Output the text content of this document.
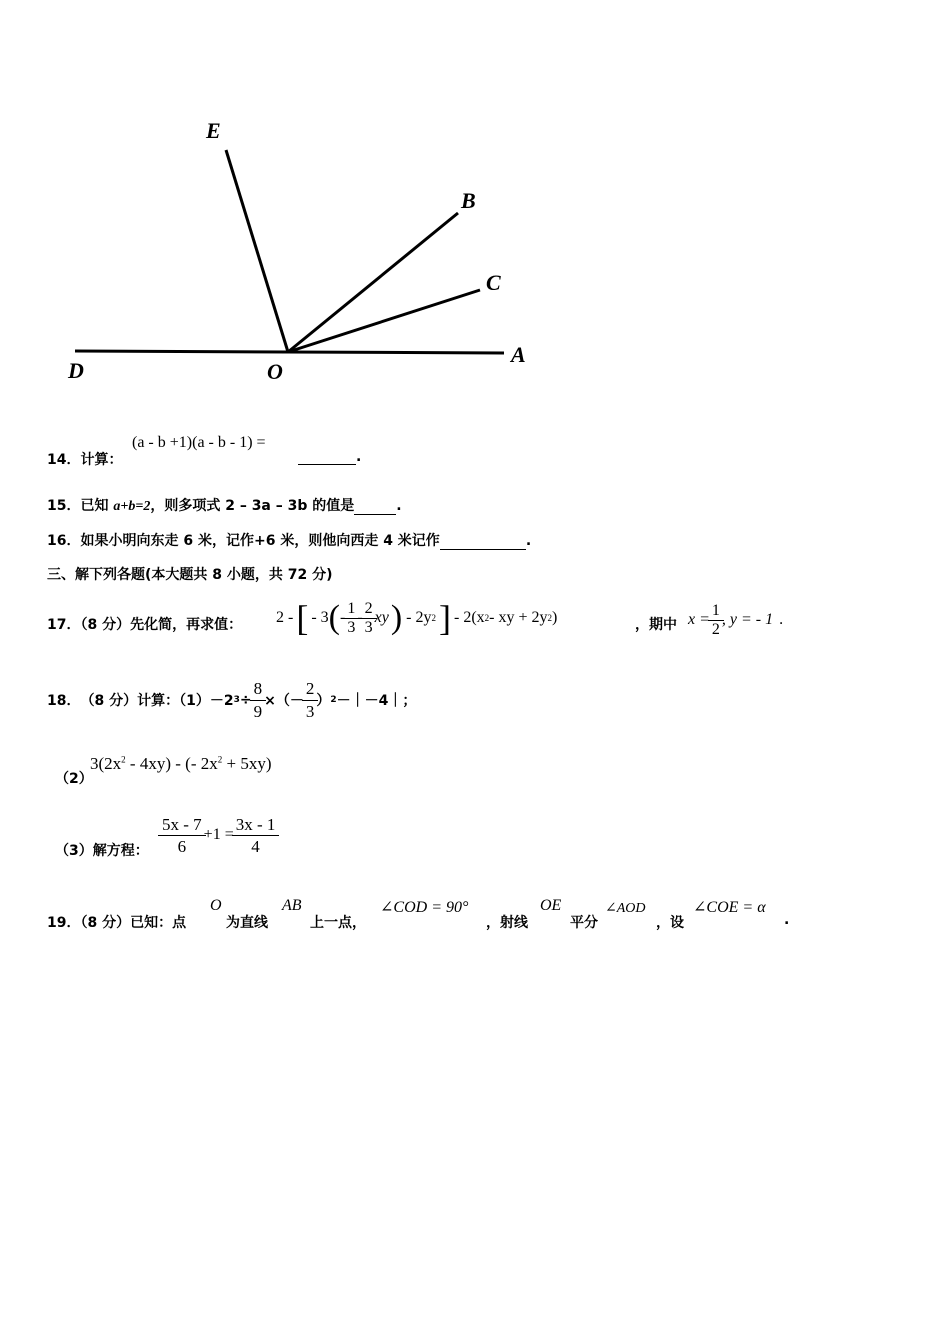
E
B
C
D	O
A
14．计算：
(a - b +1)(a - b - 1) =
.
15．已知 a+b=2，则多项式 2 – 3a – 3b 的值是	.
16．如果小明向东走 6 米，记作+6 米，则他向西走 4 米记作	.
三、解下列各题(本大题共 8 小题，共 72 分)
17．（8 分）先化简，再求值： 2 - [ - 3 ( - $\frac{1}{3} - \frac{2}{3}$ xy ) - 2y 2 ] - 2(x 2 - xy + 2y 2 )	，期中 $x = \frac{1}{2}$ , y = - 1 .
18． （8 分）计算：（1）－2 $3 \div \frac{8}{9}$ ×（－ $\frac{2}{3}$ ） 2 －｜－4｜；
（2）
$3(2x^2 - 4xy)$ - (- $2x^2 + 5xy$)
（3）解方程： $\frac{5x - 7}{6} +1 = \frac{3x - 1}{4}$
19．（8 分）已知：点
O
为直线
AB
上一点，
∠COD = 90°
，射线
OE
平分
∠AOD
，设
∠COE = α
.
